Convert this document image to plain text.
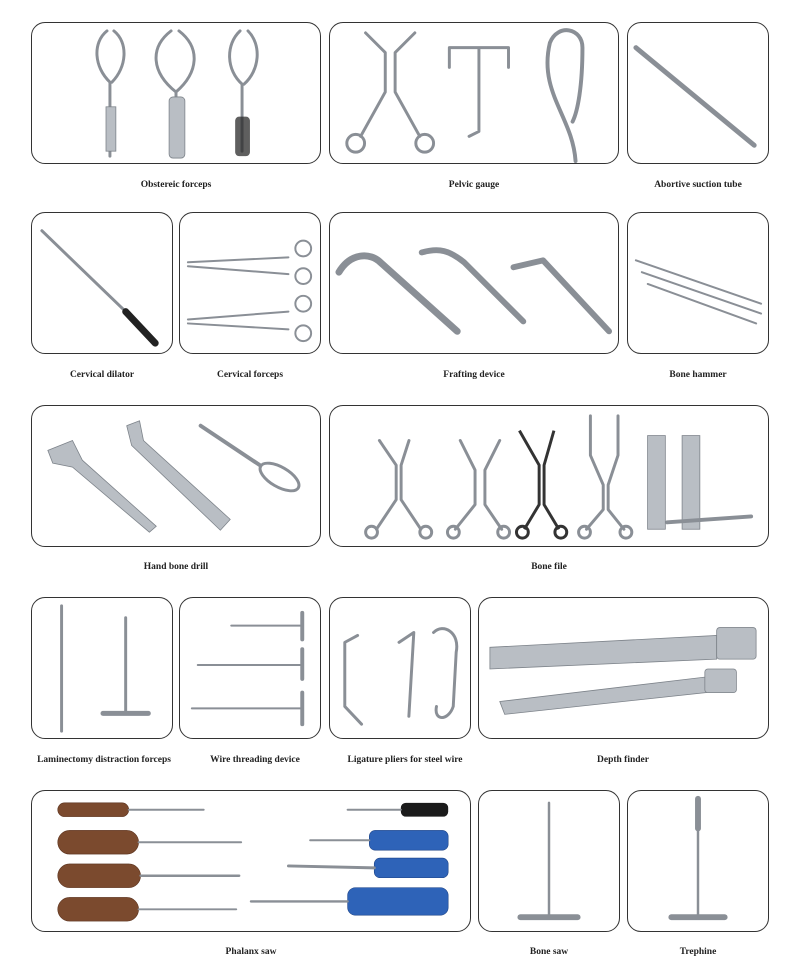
Obstereic forceps	Pelvic gauge	Abortive suction tube
Cervical dilator	Cervical forceps	Frafting device	Bone hammer
Hand bone drill	Bone file
Laminectomy distraction forceps	Wire threading device	Ligature pliers for steel wire	Depth finder
Phalanx saw	Bone saw	Trephine
